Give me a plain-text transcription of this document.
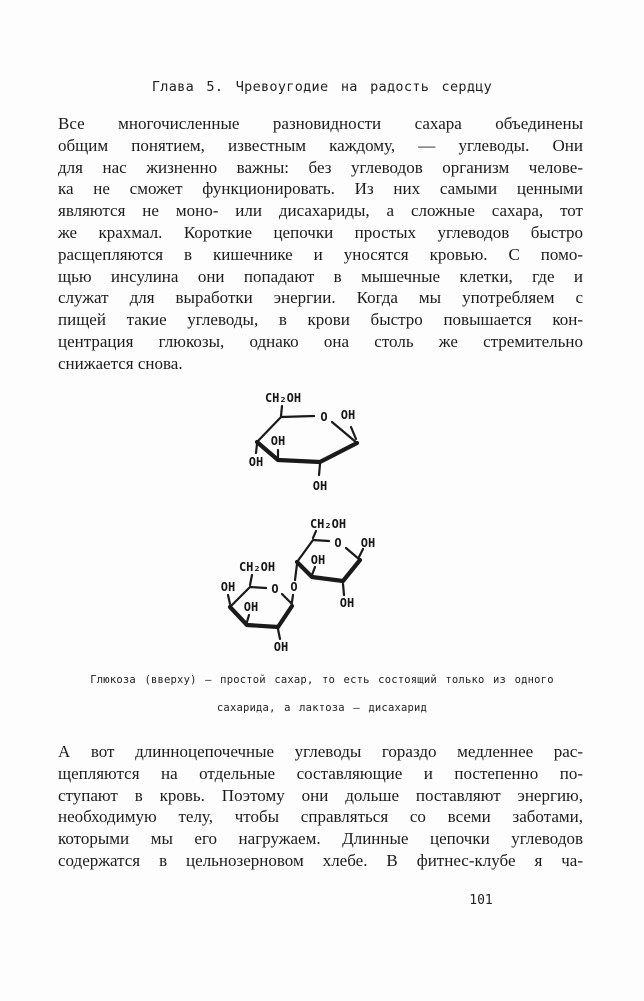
Глава 5. Чревоугодие на радость сердцу
Все многочисленные разновидности сахара объединены
общим понятием, известным каждому, — углеводы. Они
для нас жизненно важны: без углеводов организм челове-
ка не сможет функционировать. Из них самыми ценными
являются не моно- или дисахариды, а сложные сахара, тот
же крахмал. Короткие цепочки простых углеводов быстро
расщепляются в кишечнике и уносятся кровью. С помо-
щью инсулина они попадают в мышечные клетки, где и
служат для выработки энергии. Когда мы употребляем с
пищей такие углеводы, в крови быстро повышается кон-
центрация глюкозы, однако она столь же стремительно
снижается снова.
CH₂OH
O OH
OH
OH
OH
CH₂OH
O OH
OH
OH
O
CH₂OH
OH	O
OH
OH
Глюкоза (вверху) — простой сахар, то есть состоящий только из одного
сахарида, а лактоза — дисахарид
А вот длинноцепочечные углеводы гораздо медленнее рас-
щепляются на отдельные составляющие и постепенно по-
ступают в кровь. Поэтому они дольше поставляют энергию,
необходимую телу, чтобы справляться со всеми заботами,
которыми мы его нагружаем. Длинные цепочки углеводов
содержатся в цельнозерновом хлебе. В фитнес-клубе я ча-
101
